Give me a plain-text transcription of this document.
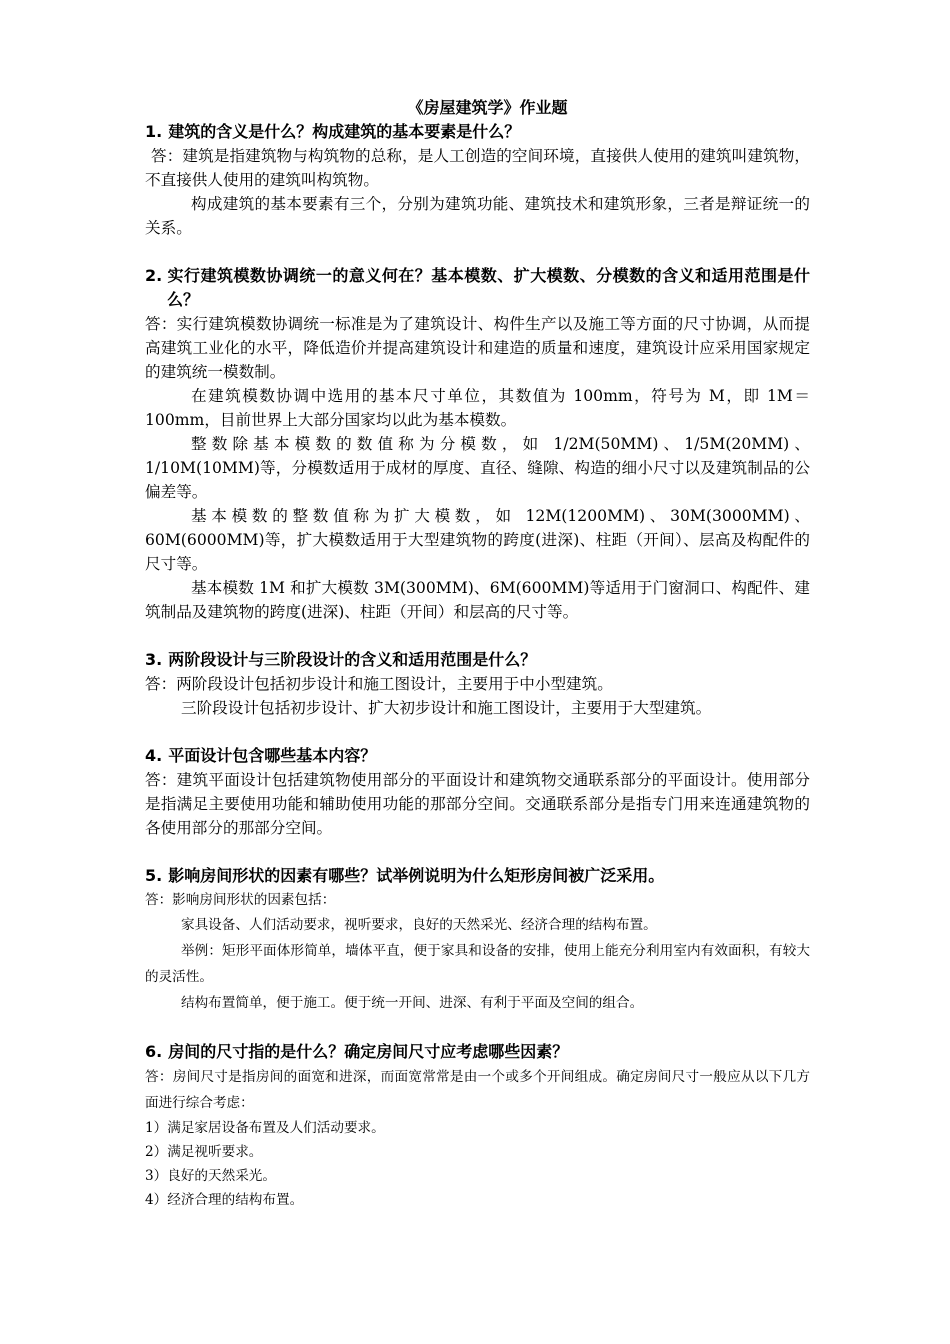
《房屋建筑学》作业题
1. 建筑的含义是什么？构成建筑的基本要素是什么？

答：建筑是指建筑物与构筑物的总称，是人工创造的空间环境，直接供人使用的建筑叫建筑物，不直接供人使用的建筑叫构筑物。

构成建筑的基本要素有三个，分别为建筑功能、建筑技术和建筑形象，三者是辩证统一的关系。

2. 实行建筑模数协调统一的意义何在？基本模数、扩大模数、分模数的含义和适用范围是什么？

答：实行建筑模数协调统一标准是为了建筑设计、构件生产以及施工等方面的尺寸协调，从而提高建筑工业化的水平，降低造价并提高建筑设计和建造的质量和速度，建筑设计应采用国家规定的建筑统一模数制。

在建筑模数协调中选用的基本尺寸单位，其数值为 100mm，符号为 M，即 1M＝100mm，目前世界上大部分国家均以此为基本模数。

整数除基本模数的数值称为分模数，如 1/2M(50MM)、1/5M(20MM)、1/10M(10MM)等，分模数适用于成材的厚度、直径、缝隙、构造的细小尺寸以及建筑制品的公偏差等。

基本模数的整数值称为扩大模数，如 12M(1200MM)、30M(3000MM)、60M(6000MM)等，扩大模数适用于大型建筑物的跨度(进深)、柱距（开间）、层高及构配件的尺寸等。

基本模数 1M 和扩大模数 3M(300MM)、6M(600MM)等适用于门窗洞口、构配件、建筑制品及建筑物的跨度(进深)、柱距（开间）和层高的尺寸等。

3. 两阶段设计与三阶段设计的含义和适用范围是什么？

答：两阶段设计包括初步设计和施工图设计，主要用于中小型建筑。

三阶段设计包括初步设计、扩大初步设计和施工图设计，主要用于大型建筑。

4. 平面设计包含哪些基本内容？

答：建筑平面设计包括建筑物使用部分的平面设计和建筑物交通联系部分的平面设计。使用部分是指满足主要使用功能和辅助使用功能的那部分空间。交通联系部分是指专门用来连通建筑物的各使用部分的那部分空间。

5. 影响房间形状的因素有哪些？试举例说明为什么矩形房间被广泛采用。

答：影响房间形状的因素包括：

家具设备、人们活动要求，视听要求，良好的天然采光、经济合理的结构布置。

举例：矩形平面体形简单，墙体平直，便于家具和设备的安排，使用上能充分利用室内有效面积，有较大的灵活性。

结构布置简单，便于施工。便于统一开间、进深、有利于平面及空间的组合。

6. 房间的尺寸指的是什么？确定房间尺寸应考虑哪些因素？

答：房间尺寸是指房间的面宽和进深，而面宽常常是由一个或多个开间组成。确定房间尺寸一般应从以下几方面进行综合考虑：

1）满足家居设备布置及人们活动要求。

2）满足视听要求。

3）良好的天然采光。

4）经济合理的结构布置。
